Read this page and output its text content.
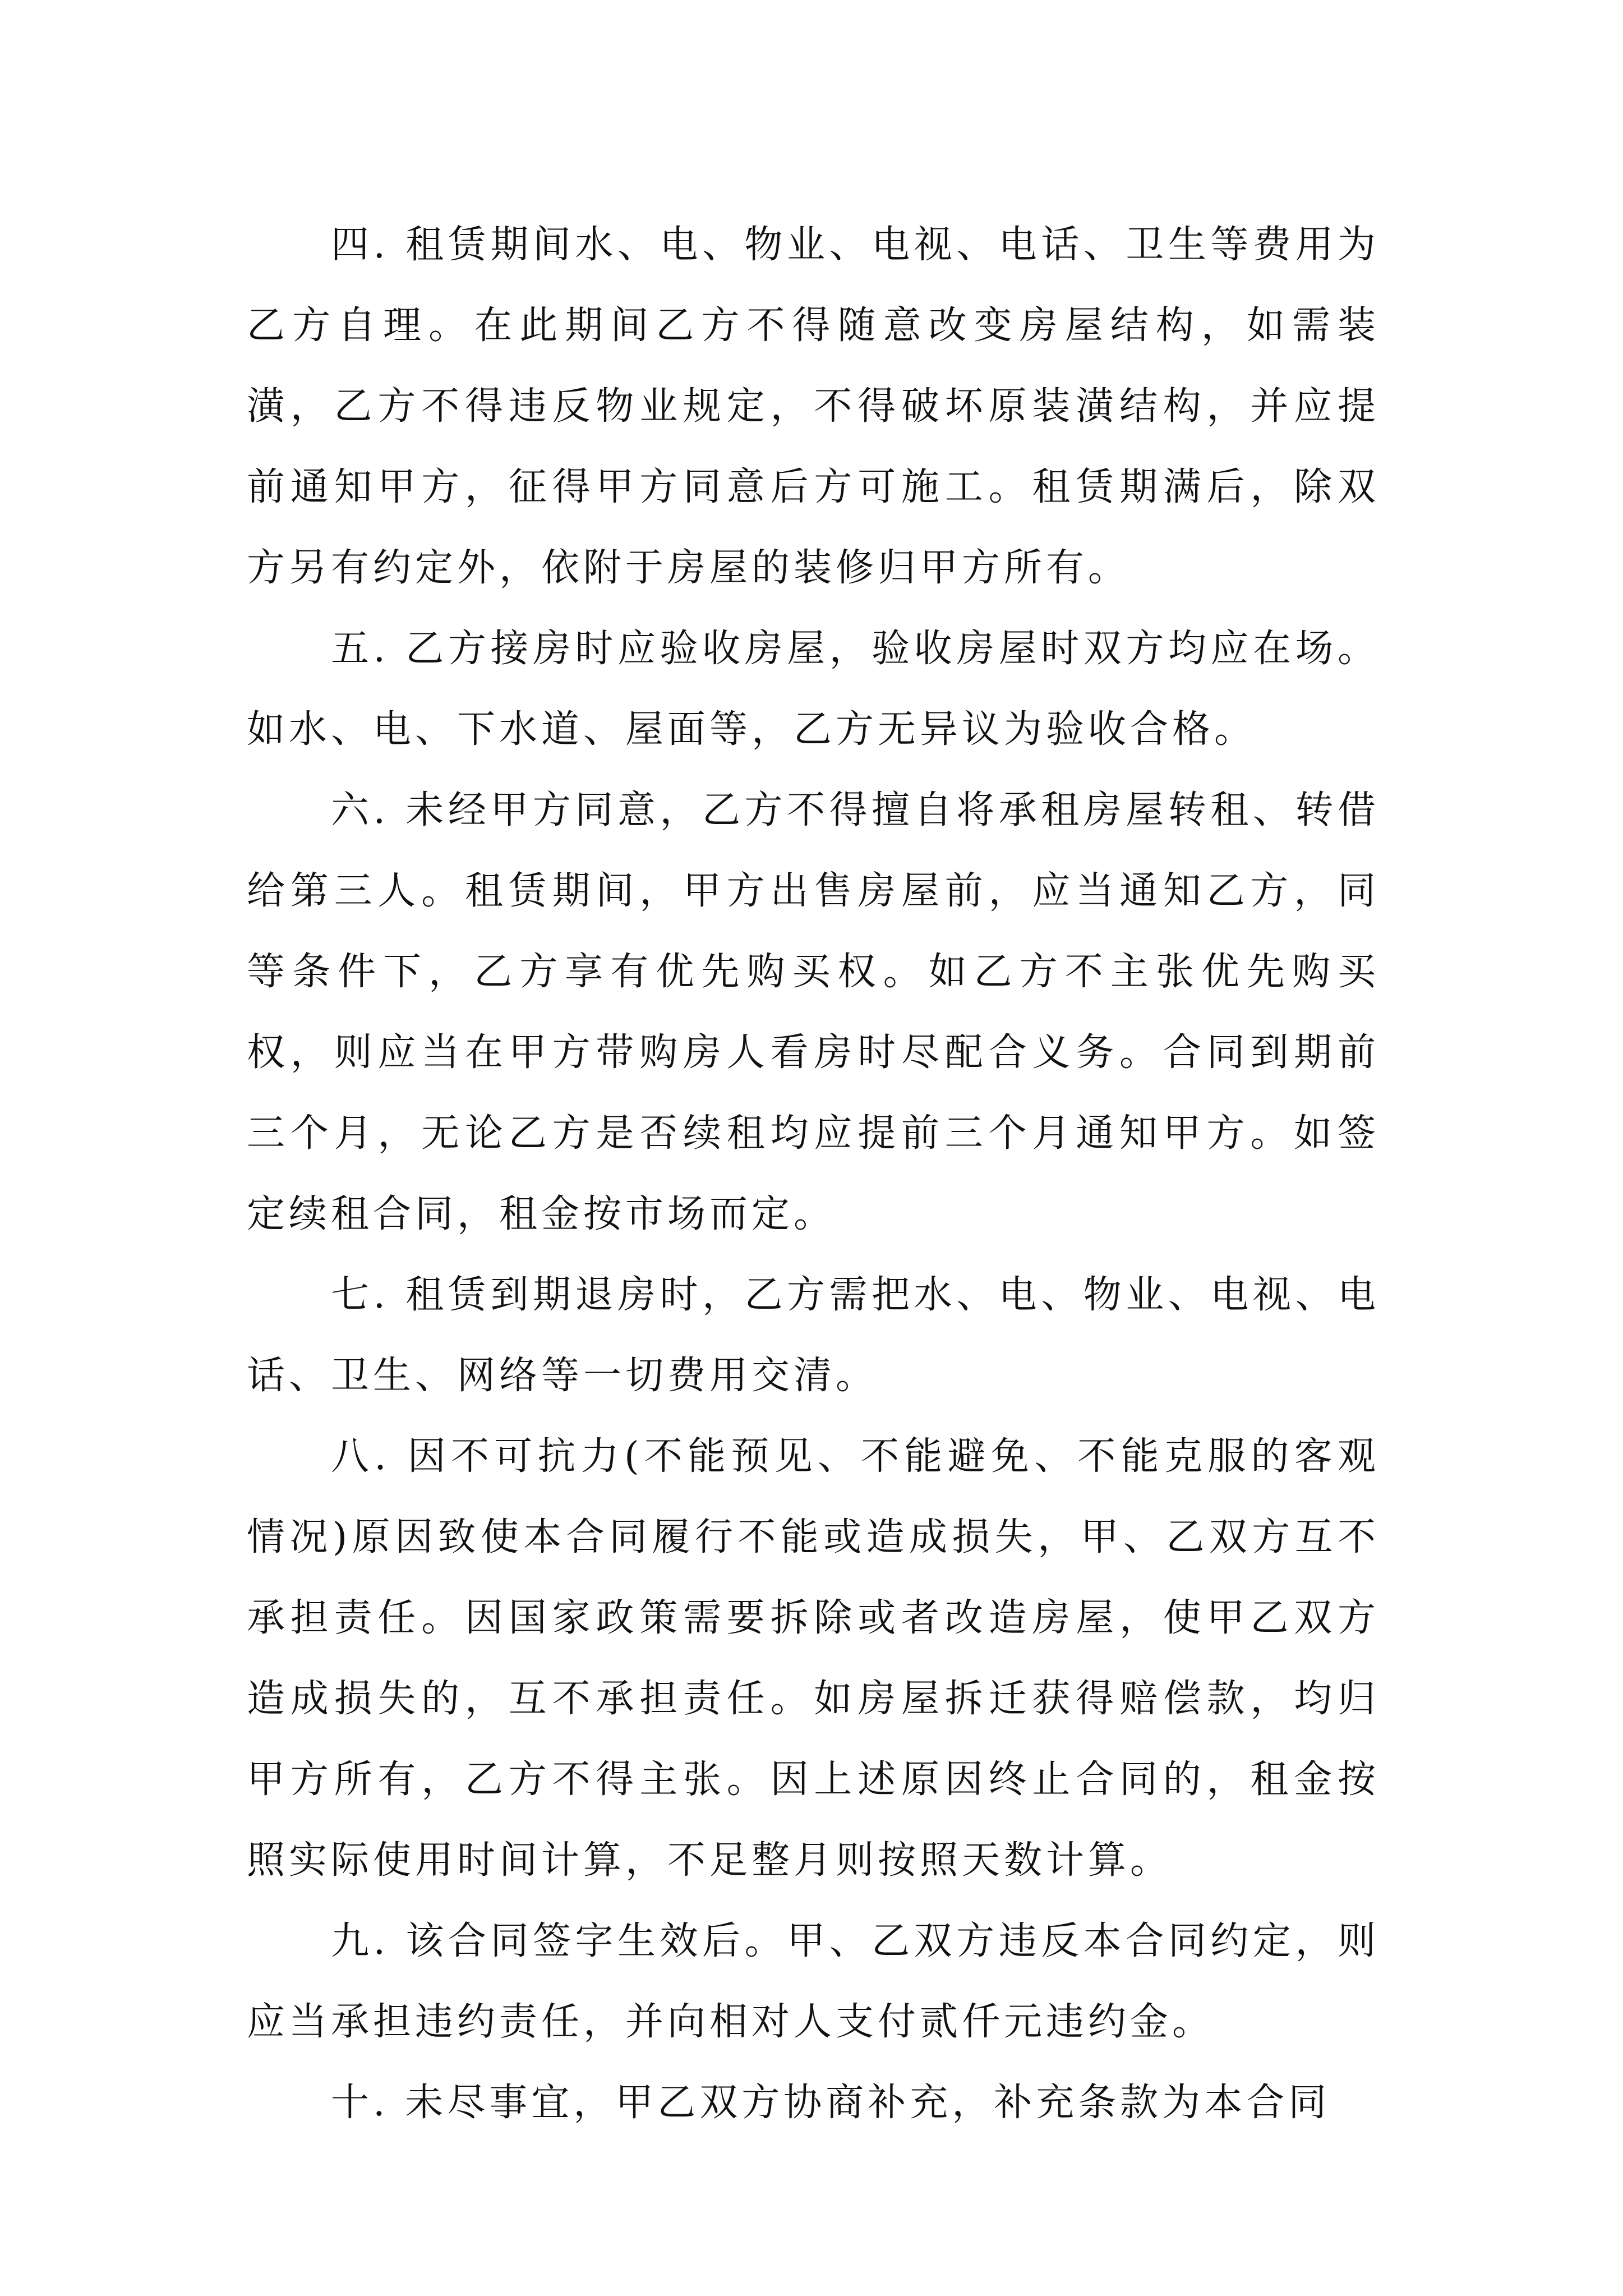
四. 租赁期间水、电、物业、电视、电话、卫生等费用为乙方自理。在此期间乙方不得随意改变房屋结构，如需装潢，乙方不得违反物业规定，不得破坏原装潢结构，并应提前通知甲方，征得甲方同意后方可施工。租赁期满后，除双方另有约定外，依附于房屋的装修归甲方所有。

五. 乙方接房时应验收房屋，验收房屋时双方均应在场。如水、电、下水道、屋面等，乙方无异议为验收合格。

六. 未经甲方同意，乙方不得擅自将承租房屋转租、转借给第三人。租赁期间，甲方出售房屋前，应当通知乙方，同等条件下，乙方享有优先购买权。如乙方不主张优先购买权，则应当在甲方带购房人看房时尽配合义务。合同到期前三个月，无论乙方是否续租均应提前三个月通知甲方。如签定续租合同，租金按市场而定。

七. 租赁到期退房时，乙方需把水、电、物业、电视、电话、卫生、网络等一切费用交清。

八. 因不可抗力(不能预见、不能避免、不能克服的客观情况)原因致使本合同履行不能或造成损失，甲、乙双方互不承担责任。因国家政策需要拆除或者改造房屋，使甲乙双方造成损失的，互不承担责任。如房屋拆迁获得赔偿款，均归甲方所有，乙方不得主张。因上述原因终止合同的，租金按照实际使用时间计算，不足整月则按照天数计算。

九. 该合同签字生效后。甲、乙双方违反本合同约定，则应当承担违约责任，并向相对人支付贰仟元违约金。

十. 未尽事宜，甲乙双方协商补充，补充条款为本合同
